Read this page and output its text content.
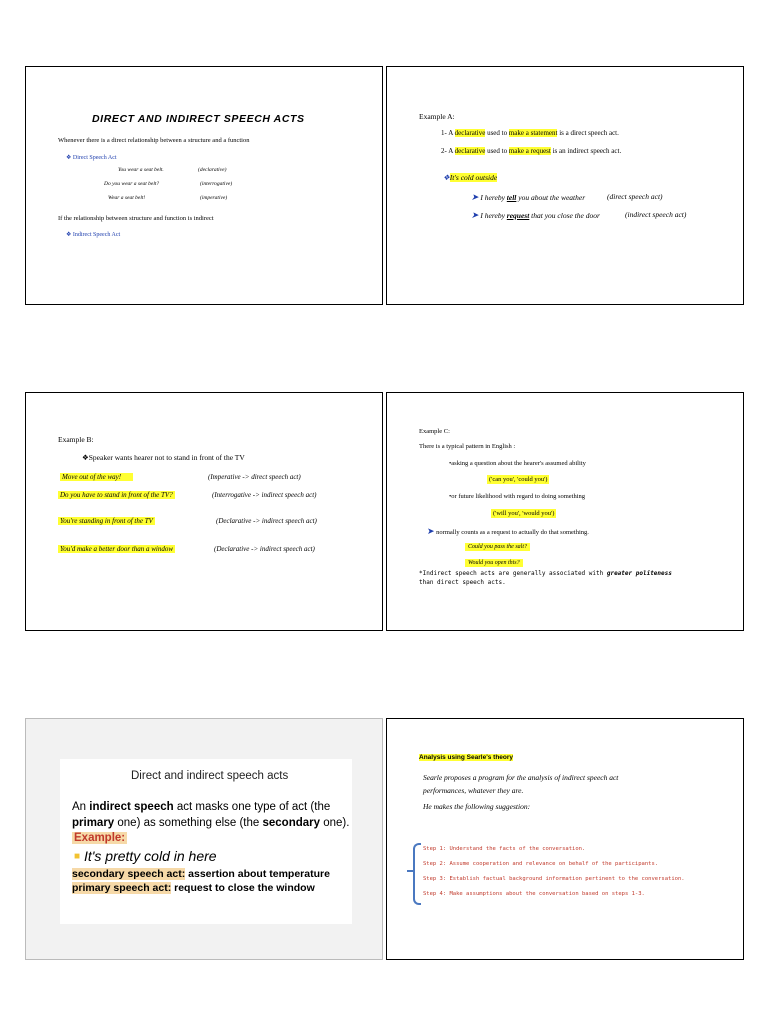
DIRECT AND INDIRECT SPEECH ACTS
Whenever there is a direct relationship between a structure and a function
❖ Direct Speech Act
You wear a seat belt.	(declarative)
Do you wear a seat belt?	(interrogative)
Wear a seat belt!	(imperative)
If the relationship between structure and function is indirect
❖ Indirect Speech Act
Example A:
1- A declarative used to make a statement is a direct speech act.
2- A declarative used to make a request is an indirect speech act.
❖It's cold outside
➤ I hereby tell you about the weather	(direct speech act)
➤ I hereby request that you close the door	(indirect speech act)
Example B:
❖Speaker wants hearer not to stand in front of the TV
Move out of the way!	(Imperative -> direct speech act)
Do you have to stand in front of the TV?	(Interrogative -> indirect speech act)
You're standing in front of the TV	(Declarative -> indirect speech act)
You'd make a better door than a window	(Declarative -> indirect speech act)
Example C:
There is a typical pattern in English :
•asking a question about the hearer's assumed ability
('can you', 'could you')
•or future likelihood with regard to doing something
('will you', 'would you')
➤ normally counts as a request to actually do that something.
Could you pass the salt?
Would you open this?
*Indirect speech acts are generally associated with greater politeness
than direct speech acts.
Direct and indirect speech acts
An indirect speech act masks one type of act (the
primary one) as something else (the secondary one).
Example:
■ It's pretty cold in here
secondary speech act: assertion about temperature
primary speech act: request to close the window
Analysis using Searle's theory
Searle proposes a program for the analysis of indirect speech act
performances, whatever they are.
He makes the following suggestion:
Step 1: Understand the facts of the conversation.
Step 2: Assume cooperation and relevance on behalf of the participants.
Step 3: Establish factual background information pertinent to the conversation.
Step 4: Make assumptions about the conversation based on steps 1-3.
